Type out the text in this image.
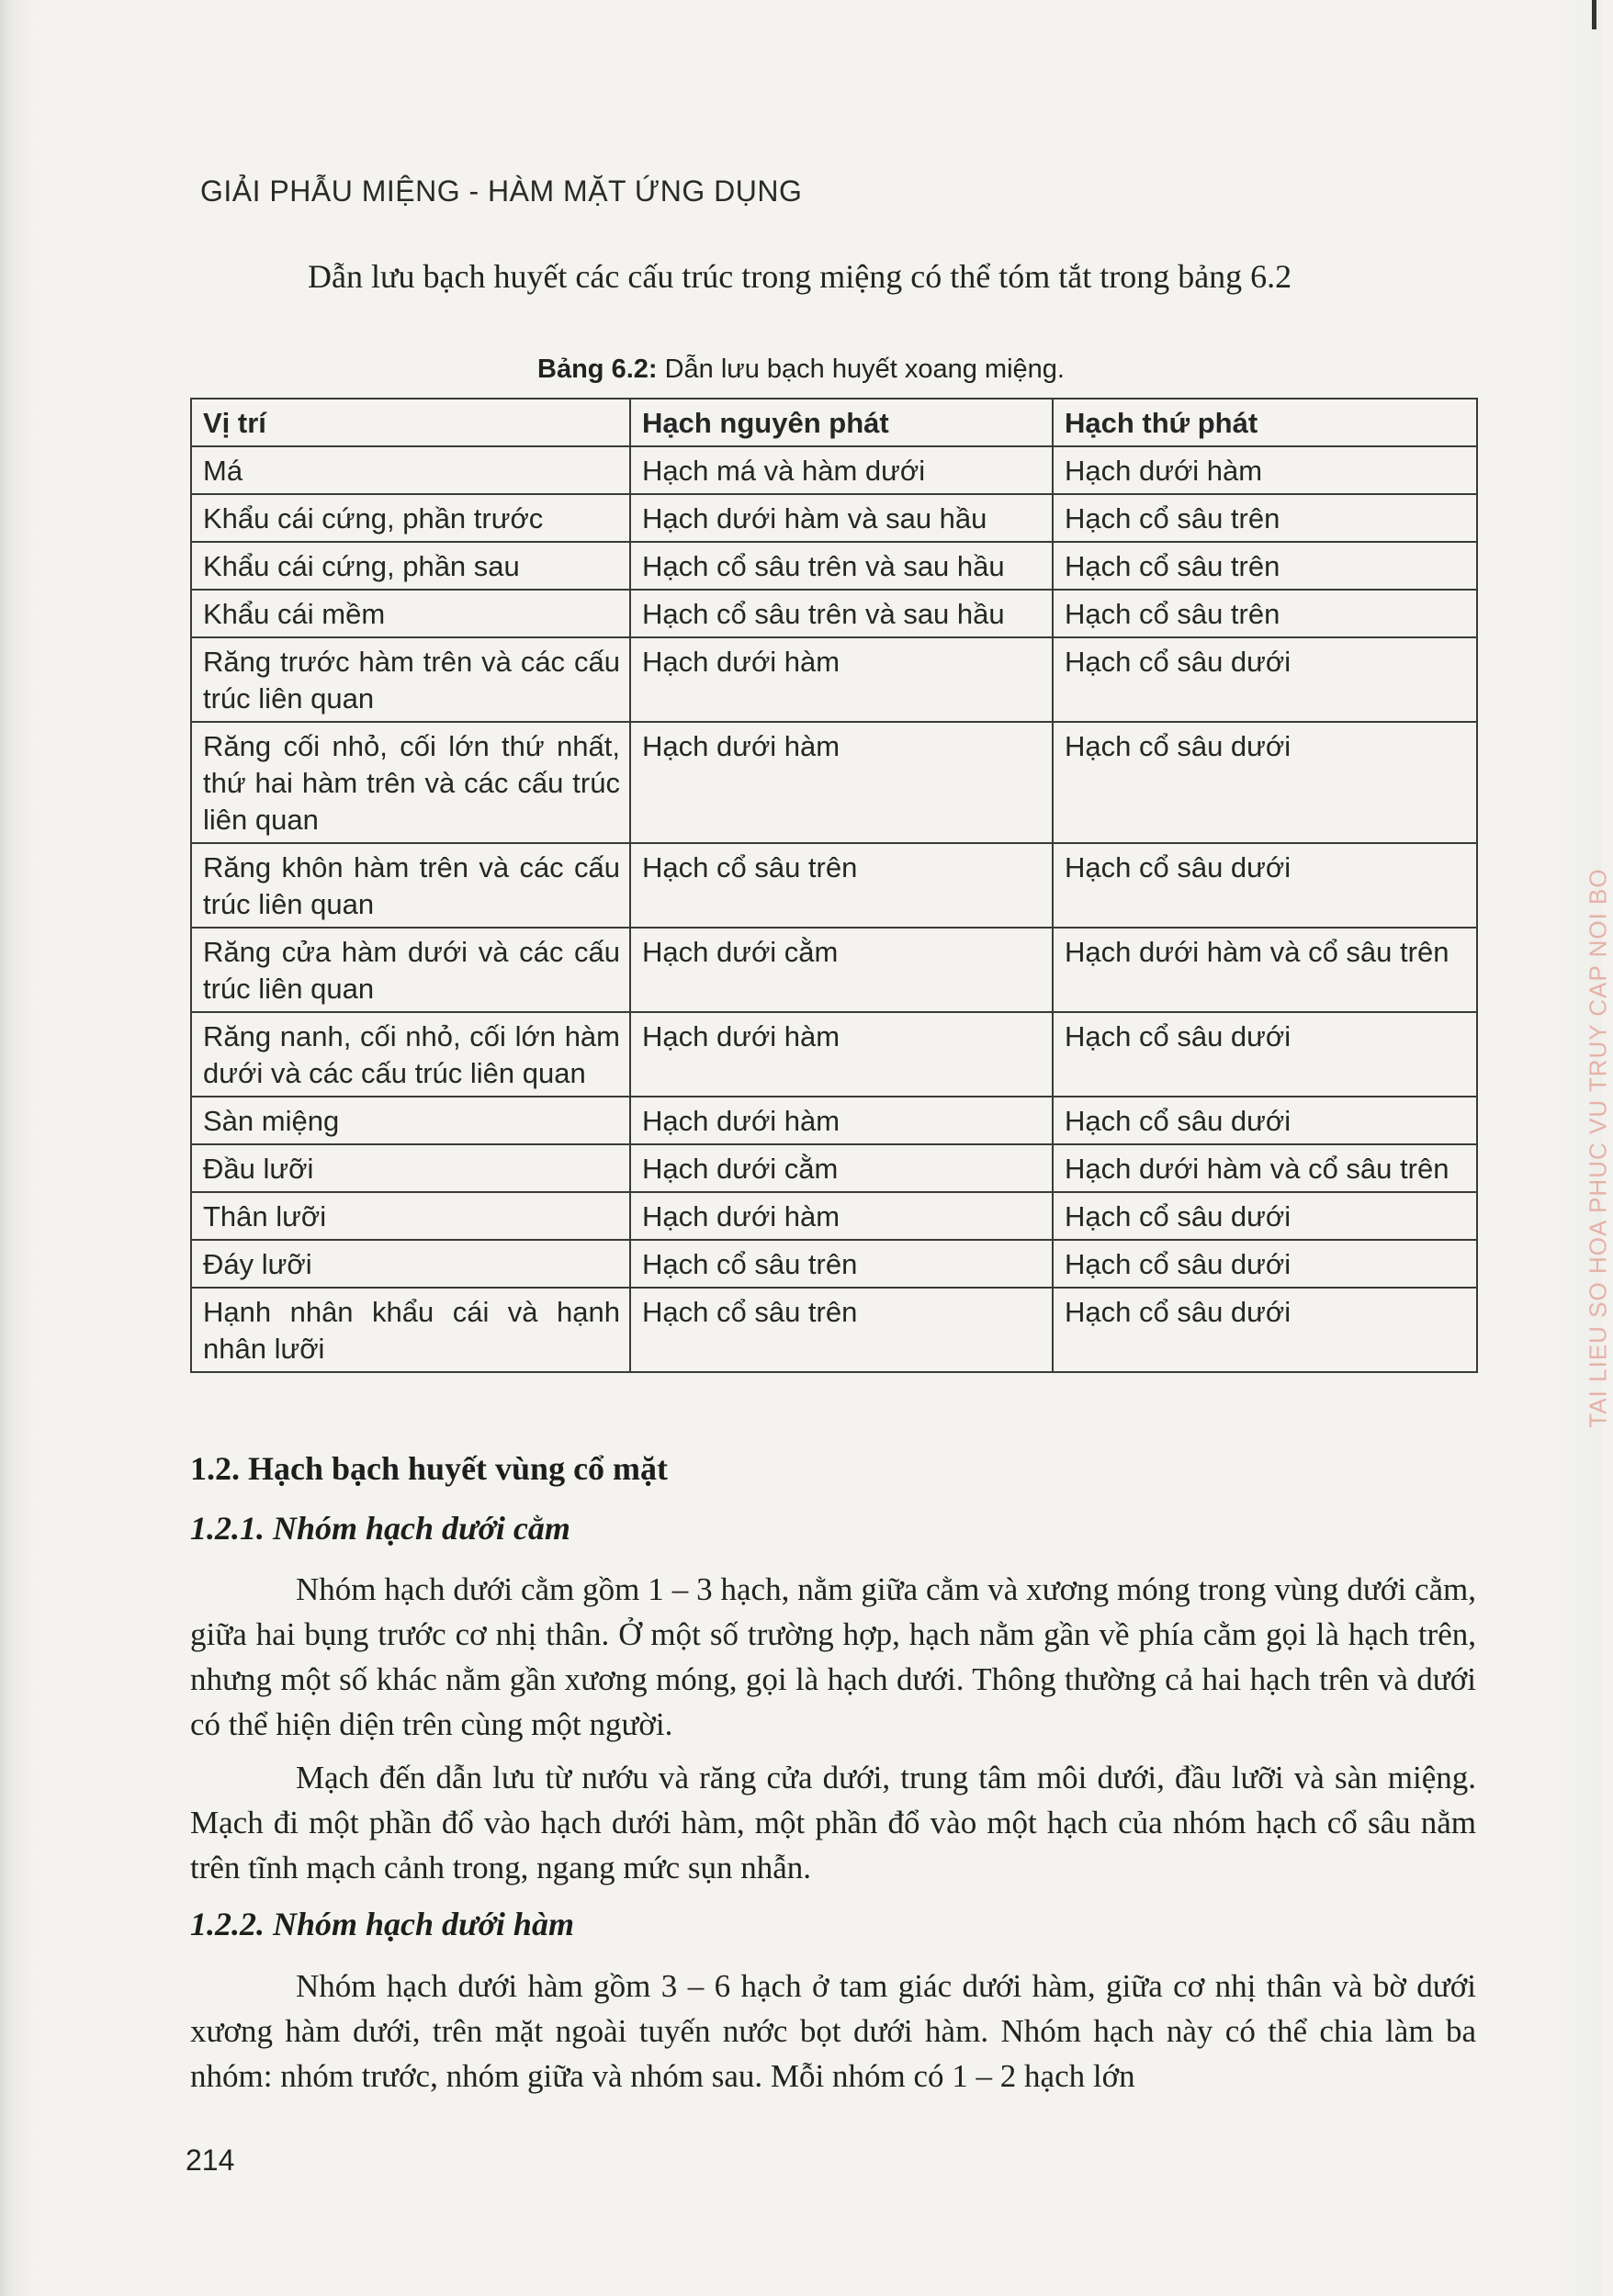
GIẢI PHẪU MIỆNG - HÀM MẶT ỨNG DỤNG
Dẫn lưu bạch huyết các cấu trúc trong miệng có thể tóm tắt trong bảng 6.2
Bảng 6.2: Dẫn lưu bạch huyết xoang miệng.
Vị trí	Hạch nguyên phát	Hạch thứ phát
Má	Hạch má và hàm dưới	Hạch dưới hàm
Khẩu cái cứng, phần trước	Hạch dưới hàm và sau hầu	Hạch cổ sâu trên
Khẩu cái cứng, phần sau	Hạch cổ sâu trên và sau hầu	Hạch cổ sâu trên
Khẩu cái mềm	Hạch cổ sâu trên và sau hầu	Hạch cổ sâu trên
Răng trước hàm trên và các cấu trúc liên quan	Hạch dưới hàm	Hạch cổ sâu dưới
Răng cối nhỏ, cối lớn thứ nhất, thứ hai hàm trên và các cấu trúc liên quan	Hạch dưới hàm	Hạch cổ sâu dưới
Răng khôn hàm trên và các cấu trúc liên quan	Hạch cổ sâu trên	Hạch cổ sâu dưới
Răng cửa hàm dưới và các cấu trúc liên quan	Hạch dưới cằm	Hạch dưới hàm và cổ sâu trên
Răng nanh, cối nhỏ, cối lớn hàm dưới và các cấu trúc liên quan	Hạch dưới hàm	Hạch cổ sâu dưới
Sàn miệng	Hạch dưới hàm	Hạch cổ sâu dưới
Đầu lưỡi	Hạch dưới cằm	Hạch dưới hàm và cổ sâu trên
Thân lưỡi	Hạch dưới hàm	Hạch cổ sâu dưới
Đáy lưỡi	Hạch cổ sâu trên	Hạch cổ sâu dưới
Hạnh nhân khẩu cái và hạnh nhân lưỡi	Hạch cổ sâu trên	Hạch cổ sâu dưới
1.2. Hạch bạch huyết vùng cổ mặt
1.2.1. Nhóm hạch dưới cằm
Nhóm hạch dưới cằm gồm 1 – 3 hạch, nằm giữa cằm và xương móng trong vùng dưới cằm, giữa hai bụng trước cơ nhị thân. Ở một số trường hợp, hạch nằm gần về phía cằm gọi là hạch trên, nhưng một số khác nằm gần xương móng, gọi là hạch dưới. Thông thường cả hai hạch trên và dưới có thể hiện diện trên cùng một người.
Mạch đến dẫn lưu từ nướu và răng cửa dưới, trung tâm môi dưới, đầu lưỡi và sàn miệng. Mạch đi một phần đổ vào hạch dưới hàm, một phần đổ vào một hạch của nhóm hạch cổ sâu nằm trên tĩnh mạch cảnh trong, ngang mức sụn nhẫn.
1.2.2. Nhóm hạch dưới hàm
Nhóm hạch dưới hàm gồm 3 – 6 hạch ở tam giác dưới hàm, giữa cơ nhị thân và bờ dưới xương hàm dưới, trên mặt ngoài tuyến nước bọt dưới hàm. Nhóm hạch này có thể chia làm ba nhóm: nhóm trước, nhóm giữa và nhóm sau. Mỗi nhóm có 1 – 2 hạch lớn
214
TAI LIEU SO HOA PHUC VU TRUY CAP NOI BO
